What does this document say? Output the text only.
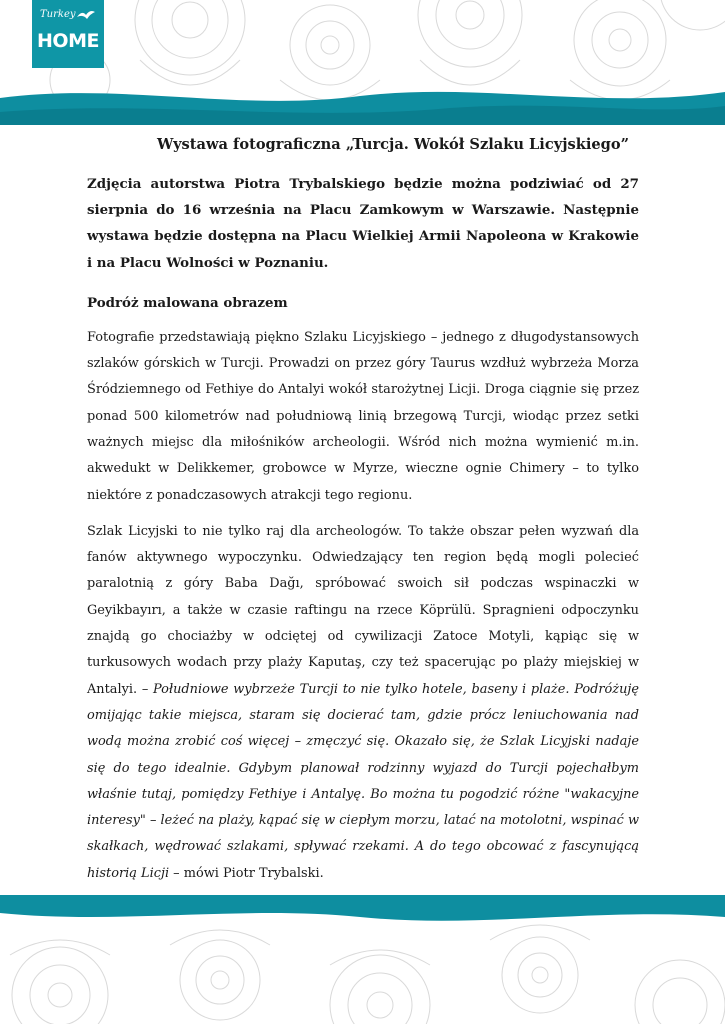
Turkey
HOME
Wystawa fotograficzna „Turcja. Wokół Szlaku Licyjskiego”

Zdjęcia autorstwa Piotra Trybalskiego będzie można podziwiać od 27 sierpnia do 16 września na Placu Zamkowym w Warszawie. Następnie wystawa będzie dostępna na Placu Wielkiej Armii Napoleona w Krakowie i na Placu Wolności w Poznaniu.

Podróż malowana obrazem

Fotografie przedstawiają piękno Szlaku Licyjskiego – jednego z długodystansowych szlaków górskich w Turcji. Prowadzi on przez góry Taurus wzdłuż wybrzeża Morza Śródziemnego od Fethiye do Antalyi wokół starożytnej Licji. Droga ciągnie się przez ponad 500 kilometrów nad południową linią brzegową Turcji, wiodąc przez setki ważnych miejsc dla miłośników archeologii. Wśród nich można wymienić m.in. akwedukt w Delikkemer, grobowce w Myrze, wieczne ognie Chimery – to tylko niektóre z ponadczasowych atrakcji tego regionu.

Szlak Licyjski to nie tylko raj dla archeologów. To także obszar pełen wyzwań dla fanów aktywnego wypoczynku. Odwiedzający ten region będą mogli polecieć paralotnią z góry Baba Dağı, spróbować swoich sił podczas wspinaczki w Geyikbayırı, a także w czasie raftingu na rzece Köprülü. Spragnieni odpoczynku znajdą go chociażby w odciętej od cywilizacji Zatoce Motyli, kąpiąc się w turkusowych wodach przy plaży Kaputaş, czy też spacerując po plaży miejskiej w Antalyi. – Południowe wybrzeże Turcji to nie tylko hotele, baseny i plaże. Podróżuję omijając takie miejsca, staram się docierać tam, gdzie prócz leniuchowania nad wodą można zrobić coś więcej – zmęczyć się. Okazało się, że Szlak Licyjski nadaje się do tego idealnie. Gdybym planował rodzinny wyjazd do Turcji pojechałbym właśnie tutaj, pomiędzy Fethiye i Antalyę. Bo można tu pogodzić różne "wakacyjne interesy" – leżeć na plaży, kąpać się w ciepłym morzu, latać na motolotni, wspinać w skałkach, wędrować szlakami, spływać rzekami. A do tego obcować z fascynującą historią Licji – mówi Piotr Trybalski.
